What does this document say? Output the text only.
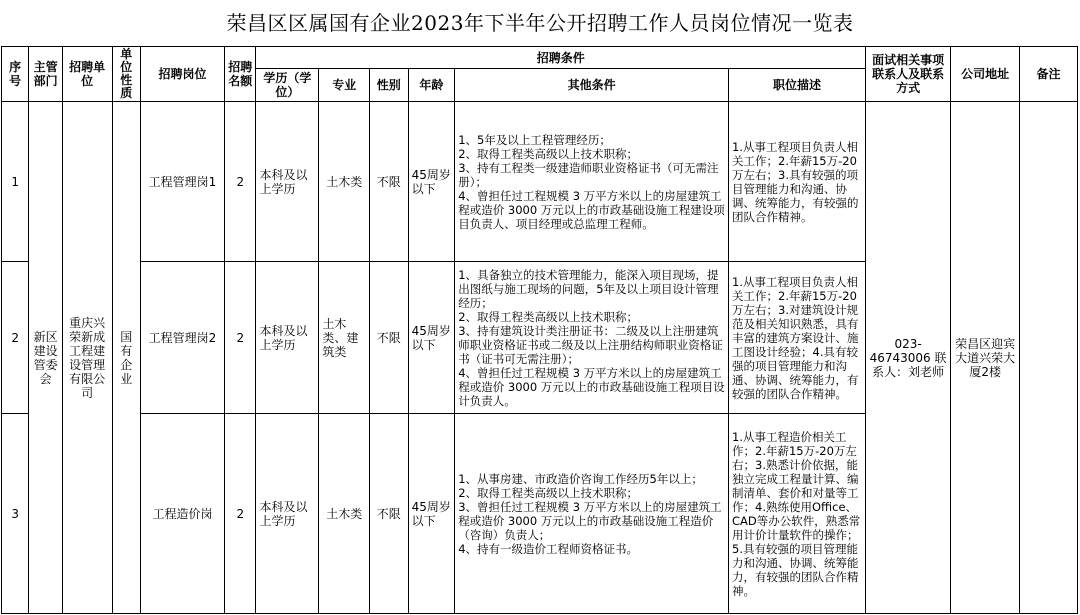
荣昌区区属国有企业2023年下半年公开招聘工作人员岗位情况一览表
序号	主管部门	招聘单位	单位性质	招聘岗位	招聘名额	招聘条件						面试相关事项联系人及联系方式	公司地址	备注
						学历（学位）	专业	性别	年龄	其他条件	职位描述			
1	新区建设管委会	重庆兴荣新成工程建设管理有限公司	国有企业	工程管理岗1	2	本科及以上学历	土木类	不限	45周岁以下	1、5年及以上工程管理经历；
2、取得工程类高级以上技术职称；
3、持有工程类一级建造师职业资格证书（可无需注册）；
4、曾担任过工程规模 3 万平方米以上的房屋建筑工程或造价 3000 万元以上的市政基础设施工程建设项目负责人、项目经理或总监理工程师。	1.从事工程项目负责人相关工作；2.年薪15万-20万左右；3.具有较强的项目管理能力和沟通、协调、统筹能力，有较强的团队合作精神。	023-46743006 联系人：刘老师	荣昌区迎宾大道兴荣大厦2楼	
2				工程管理岗2	2	本科及以上学历	土木类、建筑类	不限	45周岁以下	1、具备独立的技术管理能力，能深入项目现场，提出图纸与施工现场的问题，5年及以上项目设计管理经历；
2、取得工程类高级以上技术职称；
3、持有建筑设计类注册证书：二级及以上注册建筑师职业资格证书或二级及以上注册结构师职业资格证书（证书可无需注册）；
4、曾担任过工程规模 3 万平方米以上的房屋建筑工程或造价 3000 万元以上的市政基础设施工程项目设计负责人。	1.从事工程项目负责人相关工作；2.年薪15万-20万左右；3.对建筑设计规范及相关知识熟悉，具有丰富的建筑方案设计、施工图设计经验；4.具有较强的项目管理能力和沟通、协调、统筹能力，有较强的团队合作精神。			
3				工程造价岗	2	本科及以上学历	土木类	不限	45周岁以下	1、从事房建、市政造价咨询工作经历5年以上；
2、取得工程类高级以上技术职称；
3、曾担任过工程规模 3 万平方米以上的房屋建筑工程或造价 3000 万元以上的市政基础设施工程造价（咨询）负责人；
4、持有一级造价工程师资格证书。	1.从事工程造价相关工作；2.年薪15万-20万左右；3.熟悉计价依据，能独立完成工程量计算、编制清单、套价和对量等工作；4.熟练使用Office、CAD等办公软件，熟悉常用计价计量软件的操作；5.具有较强的项目管理能力和沟通、协调、统筹能力，有较强的团队合作精神。			
